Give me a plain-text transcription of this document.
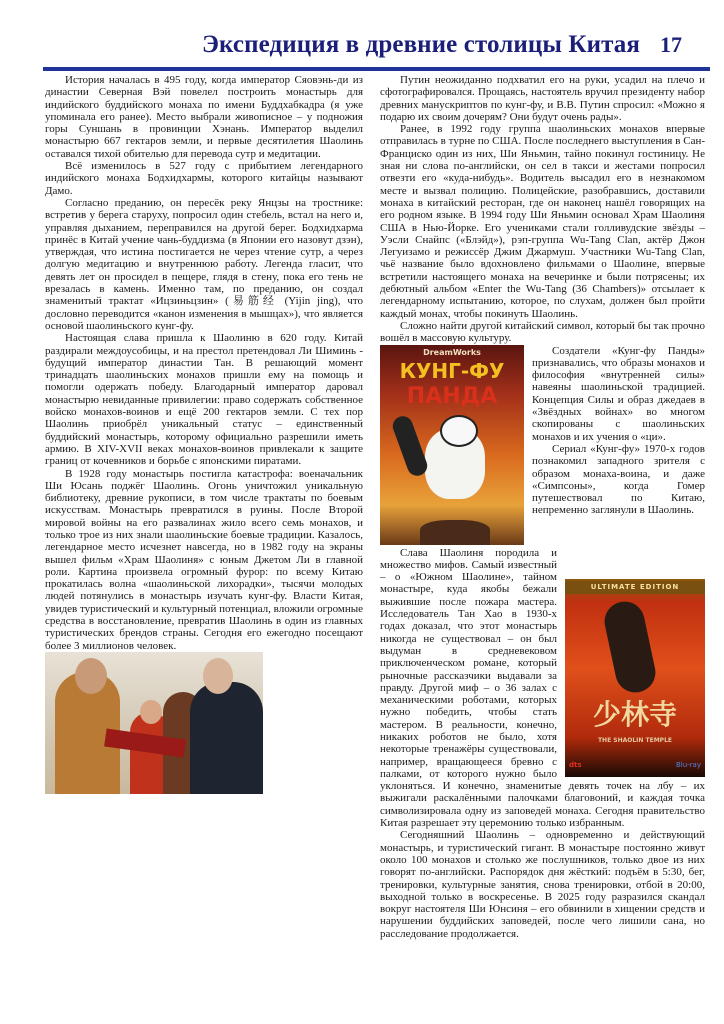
Экспедиция в древние столицы Китая 17

История началась в 495 году, когда император Сяовэнь-ди из династии Северная Вэй повелел построить монастырь для индийского буддийского монаха по имени Буддхабкадра (я уже упоминала его ранее). Место выбрали живописное – у подножия горы Суншань в провинции Хэнань. Император выделил монастырю 667 гектаров земли, и первые десятилетия Шаолинь оставался тихой обителью для перевода сутр и медитации.

Всё изменилось в 527 году с прибытием легендарного индийского монаха Бодхидхармы, которого китайцы называют Дамо.

Согласно преданию, он пересёк реку Янцзы на тростнике: встретив у берега старуху, попросил один стебель, встал на него и, управляя дыханием, переправился на другой берег. Бодхидхарма принёс в Китай учение чань-буддизма (в Японии его назовут дзэн), утверждая, что истина постигается не через чтение сутр, а через долгую медитацию и внутреннюю работу. Легенда гласит, что девять лет он просидел в пещере, глядя в стену, пока его тень не врезалась в камень. Именно там, по преданию, он создал знаменитый трактат «Ицзиньцзин» (易筋经 (Yijin jing), что дословно переводится «канон изменения в мышцах»), что является основой шаолиньского кунг-фу.

Настоящая слава пришла к Шаолиню в 620 году. Китай раздирали междоусобицы, и на престол претендовал Ли Шиминь - будущий император династии Тан. В решающий момент тринадцать шаолиньских монахов пришли ему на помощь и помогли одержать победу. Благодарный император даровал монастырю невиданные привилегии: право содержать собственное войско монахов-воинов и ещё 200 гектаров земли. С тех пор Шаолинь приобрёл уникальный статус – единственный буддийский монастырь, которому официально разрешили иметь армию. В XIV-XVII веках монахов-воинов привлекали к защите границ от кочевников и борьбе с японскими пиратами.

В 1928 году монастырь постигла катастрофа: военачальник Ши Юсань поджёг Шаолинь. Огонь уничтожил уникальную библиотеку, древние рукописи, в том числе трактаты по боевым искусствам. Монастырь превратился в руины. После Второй мировой войны на его развалинах жило всего семь монахов, и только трое из них знали шаолиньские боевые традиции. Казалось, легендарное место исчезнет навсегда, но в 1982 году на экраны вышел фильм «Храм Шаолиня» с юным Джетом Ли в главной роли. Картина произвела огромный фурор: по всему Китаю прокатилась волна «шаолиньской лихорадки», тысячи молодых людей потянулись в монастырь изучать кунг-фу. Власти Китая, увидев туристический и культурный потенциал, вложили огромные средства в восстановление, превратив Шаолинь в один из главных туристических брендов страны. Сегодня его ежегодно посещают более 3 миллионов человек.

Путин неожиданно подхватил его на руки, усадил на плечо и сфотографировался. Прощаясь, настоятель вручил президенту набор древних манускриптов по кунг-фу, и В.В. Путин спросил: «Можно я подарю их своим дочерям? Они будут очень рады».

Ранее, в 1992 году группа шаолиньских монахов впервые отправилась в турне по США. После последнего выступления в Сан-Франциско один из них, Ши Яньмин, тайно покинул гостиницу. Не зная ни слова по-английски, он сел в такси и жестами попросил отвезти его «куда-нибудь». Водитель высадил его в незнакомом месте и вызвал полицию. Полицейские, разобравшись, доставили монаха в китайский ресторан, где он наконец нашёл говорящих на его родном языке. В 1994 году Ши Яньмин основал Храм Шаолиня США в Нью-Йорке. Его учениками стали голливудские звёзды – Уэсли Снайпс («Блэйд»), рэп-группа Wu-Tang Clan, актёр Джон Легуизамо и режиссёр Джим Джармуш. Участники Wu-Tang Clan, чьё название было вдохновлено фильмами о Шаолине, впервые встретили настоящего монаха на вечеринке и были потрясены; их дебютный альбом «Enter the Wu-Tang (36 Chambers)» отсылает к легендарному испытанию, которое, по слухам, должен был пройти каждый монах, чтобы покинуть Шаолинь.

Сложно найти другой китайский символ, который бы так прочно вошёл в массовую культуру.

DreamWorks
КУНГ-ФУ
ПАНДА

Создатели «Кунг-фу Панды» признавались, что образы монахов и философия «внутренней силы» навеяны шаолиньской традицией. Концепция Силы и образ джедаев в «Звёздных войнах» во многом скопированы с шаолиньских монахов и их учения о «ци».

Сериал «Кунг-фу» 1970-х годов познакомил западного зрителя с образом монаха-воина, и даже «Симпсоны», когда Гомер путешествовал по Китаю, непременно заглянули в Шаолинь.

ULTIMATE EDITION
少林寺
THE SHAOLIN TEMPLE
dts	Blu-ray

Слава Шаолиня породила и множество мифов. Самый известный – о «Южном Шаолине», тайном монастыре, куда якобы бежали выжившие после пожара мастера. Исследователь Тан Хао в 1930-х годах доказал, что этот монастырь никогда не существовал – он был выдуман в средневековом приключенческом романе, который рыночные рассказчики выдавали за правду. Другой миф – о 36 залах с механическими роботами, которых нужно победить, чтобы стать мастером. В реальности, конечно, никаких роботов не было, хотя некоторые тренажёры существовали, например, вращающееся бревно с палками, от которого нужно было уклоняться. И конечно, знаменитые девять точек на лбу – их выжигали раскалёнными палочками благовоний, и каждая точка символизировала одну из заповедей монаха. Сегодня правительство Китая разрешает эту церемонию только избранным.

Сегодняшний Шаолинь – одновременно и действующий монастырь, и туристический гигант. В монастыре постоянно живут около 100 монахов и столько же послушников, только двое из них говорят по-английски. Распорядок дня жёсткий: подъём в 5:30, бег, тренировки, культурные занятия, снова тренировки, отбой в 20:00, выходной только в воскресенье. В 2025 году разразился скандал вокруг настоятеля Ши Юнсиня – его обвинили в хищении средств и нарушении буддийских заповедей, после чего лишили сана, но расследование продолжается.
